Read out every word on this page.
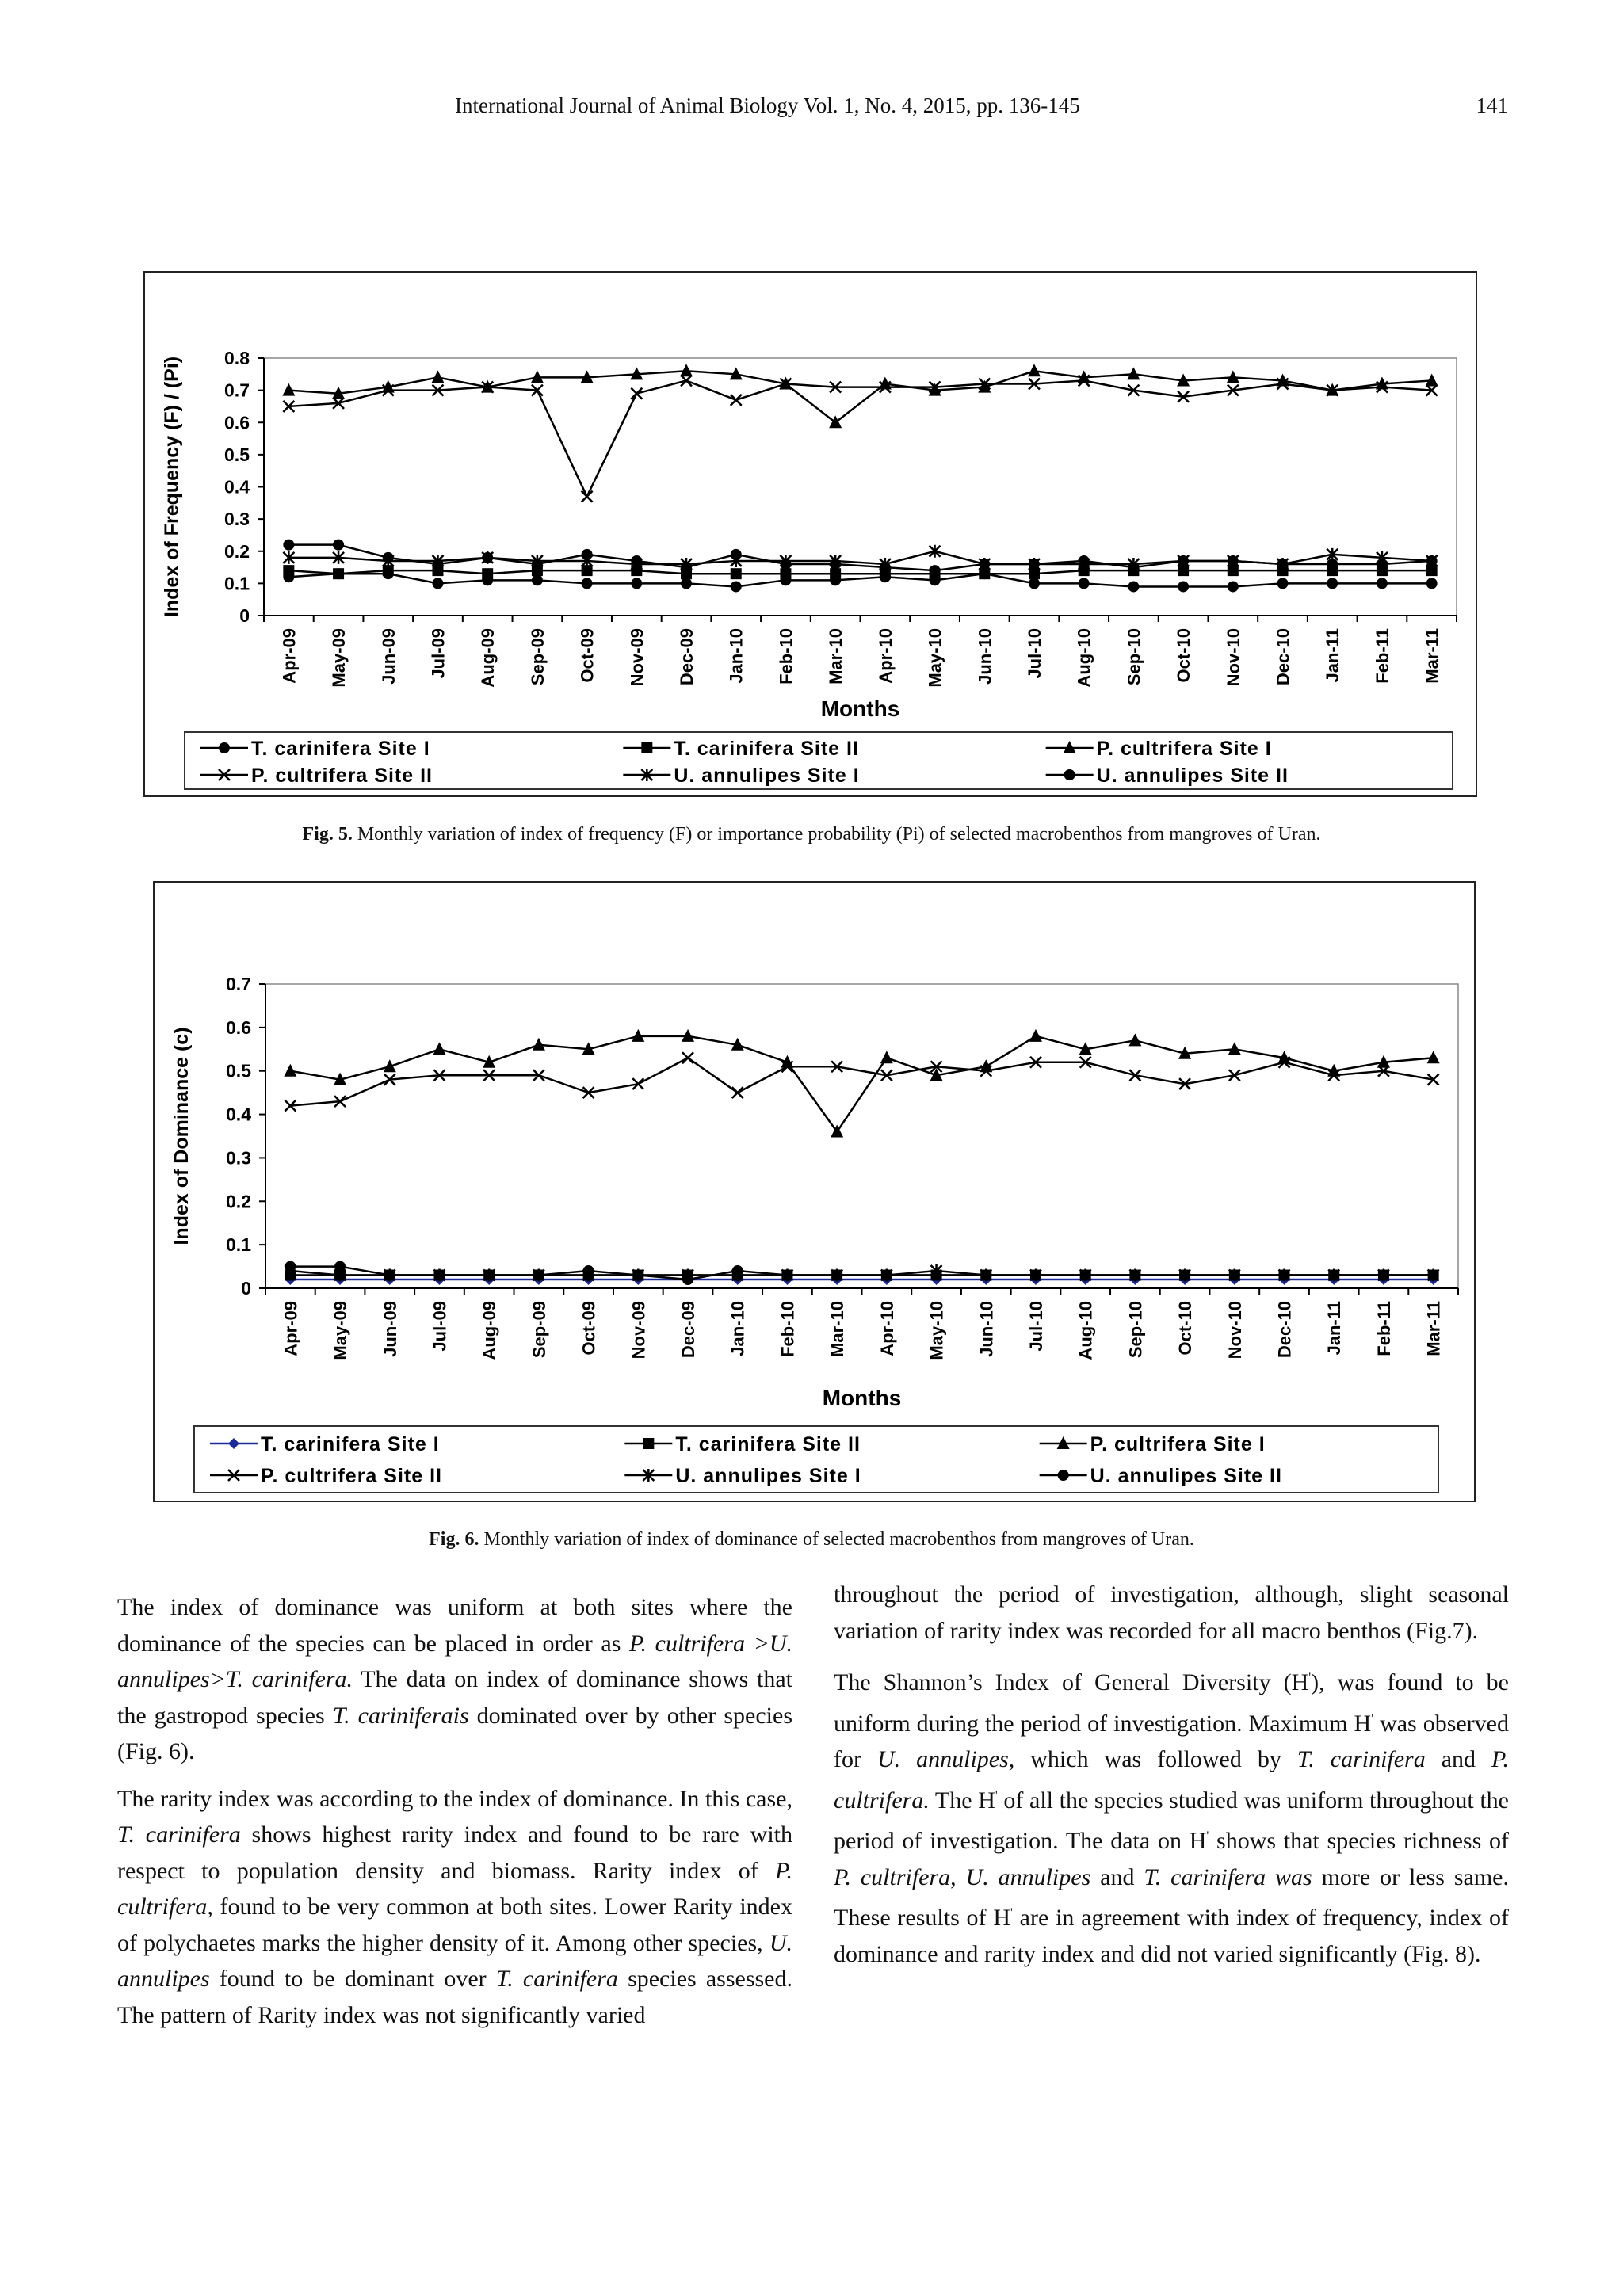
International Journal of Animal Biology Vol. 1, No. 4, 2015, pp. 136-145	141
0
0.1
0.2
0.3
0.4
0.5
0.6
0.7
0.8
Apr-09 May-09 Jun-09 Jul-09 Aug-09 Sep-09 Oct-09 Nov-09 Dec-09 Jan-10 Feb-10 Mar-10 Apr-10 May-10 Jun-10 Jul-10 Aug-10 Sep-10 Oct-10 Nov-10 Dec-10 Jan-11 Feb-11 Mar-11
Index of Frequency (F) / (Pi)
Months
T. carinifera Site I	T. carinifera Site II	P. cultrifera Site I
P. cultrifera Site II	U. annulipes Site I	U. annulipes Site II
Fig. 5. Monthly variation of index of frequency (F) or importance probability (Pi) of selected macrobenthos from mangroves of Uran.
0
0.1
0.2
0.3
0.4
0.5
0.6
0.7
Apr-09 May-09 Jun-09 Jul-09 Aug-09 Sep-09 Oct-09 Nov-09 Dec-09 Jan-10 Feb-10 Mar-10 Apr-10 May-10 Jun-10 Jul-10 Aug-10 Sep-10 Oct-10 Nov-10 Dec-10 Jan-11 Feb-11 Mar-11
Index of Dominance (c)
Months
T. carinifera Site I	T. carinifera Site II	P. cultrifera Site I
P. cultrifera Site II	U. annulipes Site I	U. annulipes Site II
Fig. 6. Monthly variation of index of dominance of selected macrobenthos from mangroves of Uran.

The index of dominance was uniform at both sites where the dominance of the species can be placed in order as P. cultrifera >U. annulipes>T. carinifera. The data on index of dominance shows that the gastropod species T. cariniferais dominated over by other species (Fig. 6).

The rarity index was according to the index of dominance. In this case, T. carinifera shows highest rarity index and found to be rare with respect to population density and biomass. Rarity index of P. cultrifera, found to be very common at both sites. Lower Rarity index of polychaetes marks the higher density of it. Among other species, U. annulipes found to be dominant over T. carinifera species assessed. The pattern of Rarity index was not significantly varied

throughout the period of investigation, although, slight seasonal variation of rarity index was recorded for all macro benthos (Fig.7).

The Shannon’s Index of General Diversity (H'), was found to be uniform during the period of investigation. Maximum H' was observed for U. annulipes, which was followed by T. carinifera and P. cultrifera. The H' of all the species studied was uniform throughout the period of investigation. The data on H' shows that species richness of P. cultrifera, U. annulipes and T. carinifera was more or less same. These results of H' are in agreement with index of frequency, index of dominance and rarity index and did not varied significantly (Fig. 8).
